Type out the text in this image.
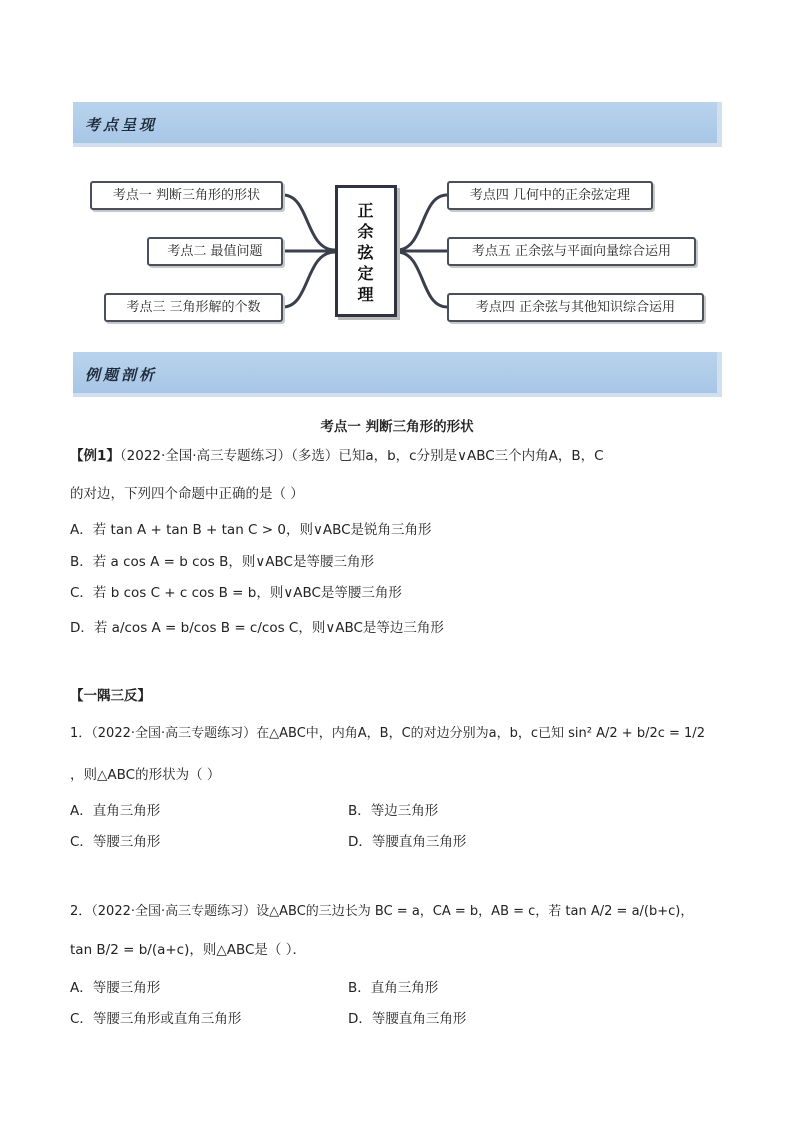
考点呈现
考点一 判断三角形的形状
考点二 最值问题
考点三 三角形解的个数
正余弦定理
考点四 几何中的正余弦定理
考点五 正余弦与平面向量综合运用
考点四 正余弦与其他知识综合运用
例题剖析
考点一 判断三角形的形状
【例1】（2022·全国·高三专题练习）（多选）已知a，b，c分别是∨ABC三个内角A，B，C
的对边，下列四个命题中正确的是（ ）
A．若 tan A + tan B + tan C > 0，则∨ABC是锐角三角形
B．若 a cos A = b cos B，则∨ABC是等腰三角形
C．若 b cos C + c cos B = b，则∨ABC是等腰三角形
D．若 a/cos A = b/cos B = c/cos C，则∨ABC是等边三角形
【一隅三反】
1．（2022·全国·高三专题练习）在△ABC中，内角A，B，C的对边分别为a，b，c已知 sin² A/2 + b/2c = 1/2
，则△ABC的形状为（ ）
A．直角三角形	B．等边三角形
C．等腰三角形	D．等腰直角三角形
2．（2022·全国·高三专题练习）设△ABC的三边长为 BC = a，CA = b，AB = c，若 tan A/2 = a/(b+c)，
tan B/2 = b/(a+c)，则△ABC是（ ）．
A．等腰三角形	B．直角三角形
C．等腰三角形或直角三角形	D．等腰直角三角形
